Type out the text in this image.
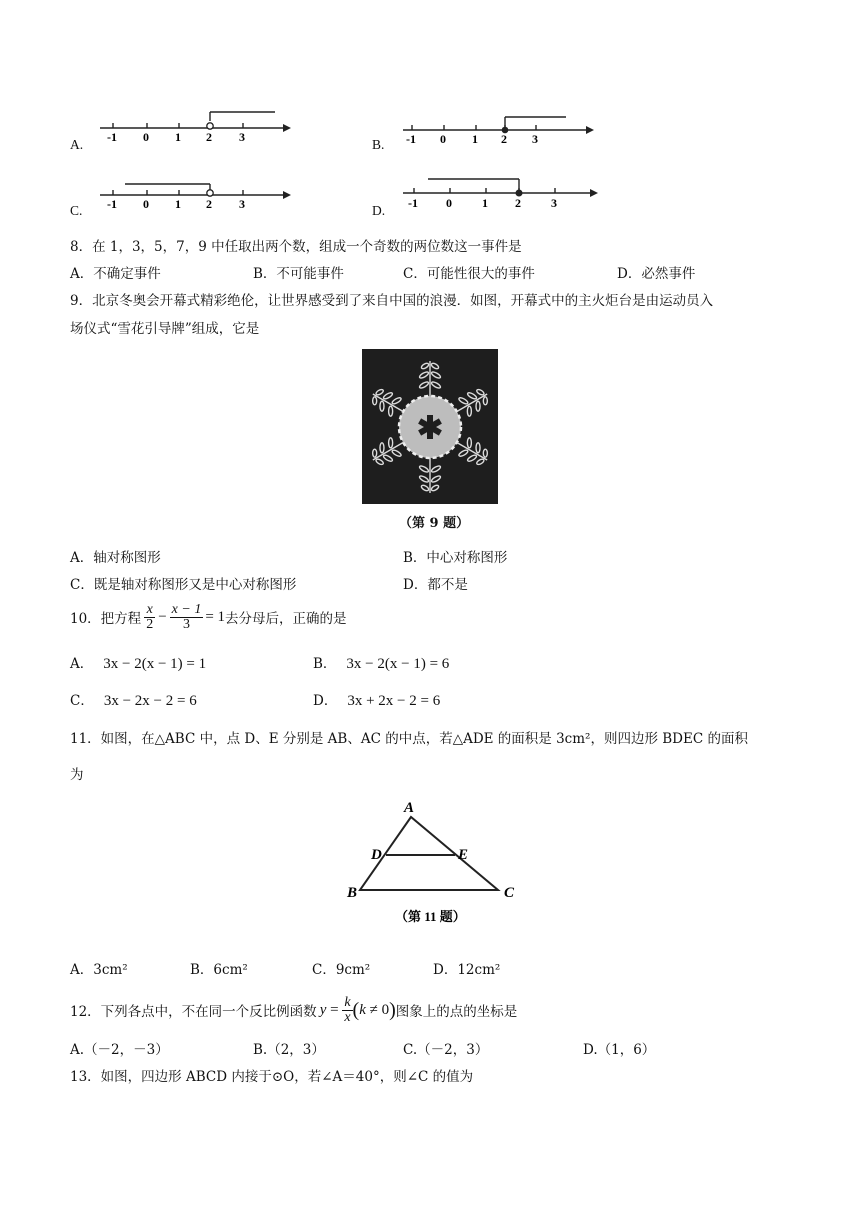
A. -1 0 1 2 3	B. -1 0 1 2 3
C. -1 0 1 2 3	D. -1 0	1 2	3
8．在 1，3，5，7，9 中任取出两个数，组成一个奇数的两位数这一事件是
A．不确定事件	B．不可能事件	C．可能性很大的事件	D．必然事件
9．北京冬奥会开幕式精彩绝伦，让世界感受到了来自中国的浪漫．如图，开幕式中的主火炬台是由运动员入
场仪式“雪花引导牌”组成，它是
（第 9 题）
A．轴对称图形	B．中心对称图形
C．既是轴对称图形又是中心对称图形	D．都不是
10．把方程 $\frac{x}{2} - \frac{x - 1}{3} = 1$ 去分母后，正确的是
A． 3x − 2(x − 1) = 1	B． 3x − 2(x − 1) = 6
C． 3x − 2x − 2 = 6	D． 3x + 2x − 2 = 6
11．如图，在△ABC 中，点 D、E 分别是 AB、AC 的中点，若△ADE 的面积是 3cm²，则四边形 BDEC 的面积
为
A
B	C
D	E
（第 11 题）
A．3cm²	B．6cm²	C．9cm²	D．12cm²
12．下列各点中，不在同一个反比例函数 $y = \frac{k}{x}$ ( k ≠ 0 ) 图象上的点的坐标是
A.（－2，－3）	B.（2，3）	C.（－2，3）	D.（1，6）
13．如图，四边形 ABCD 内接于⊙O，若∠A＝40°，则∠C 的值为
